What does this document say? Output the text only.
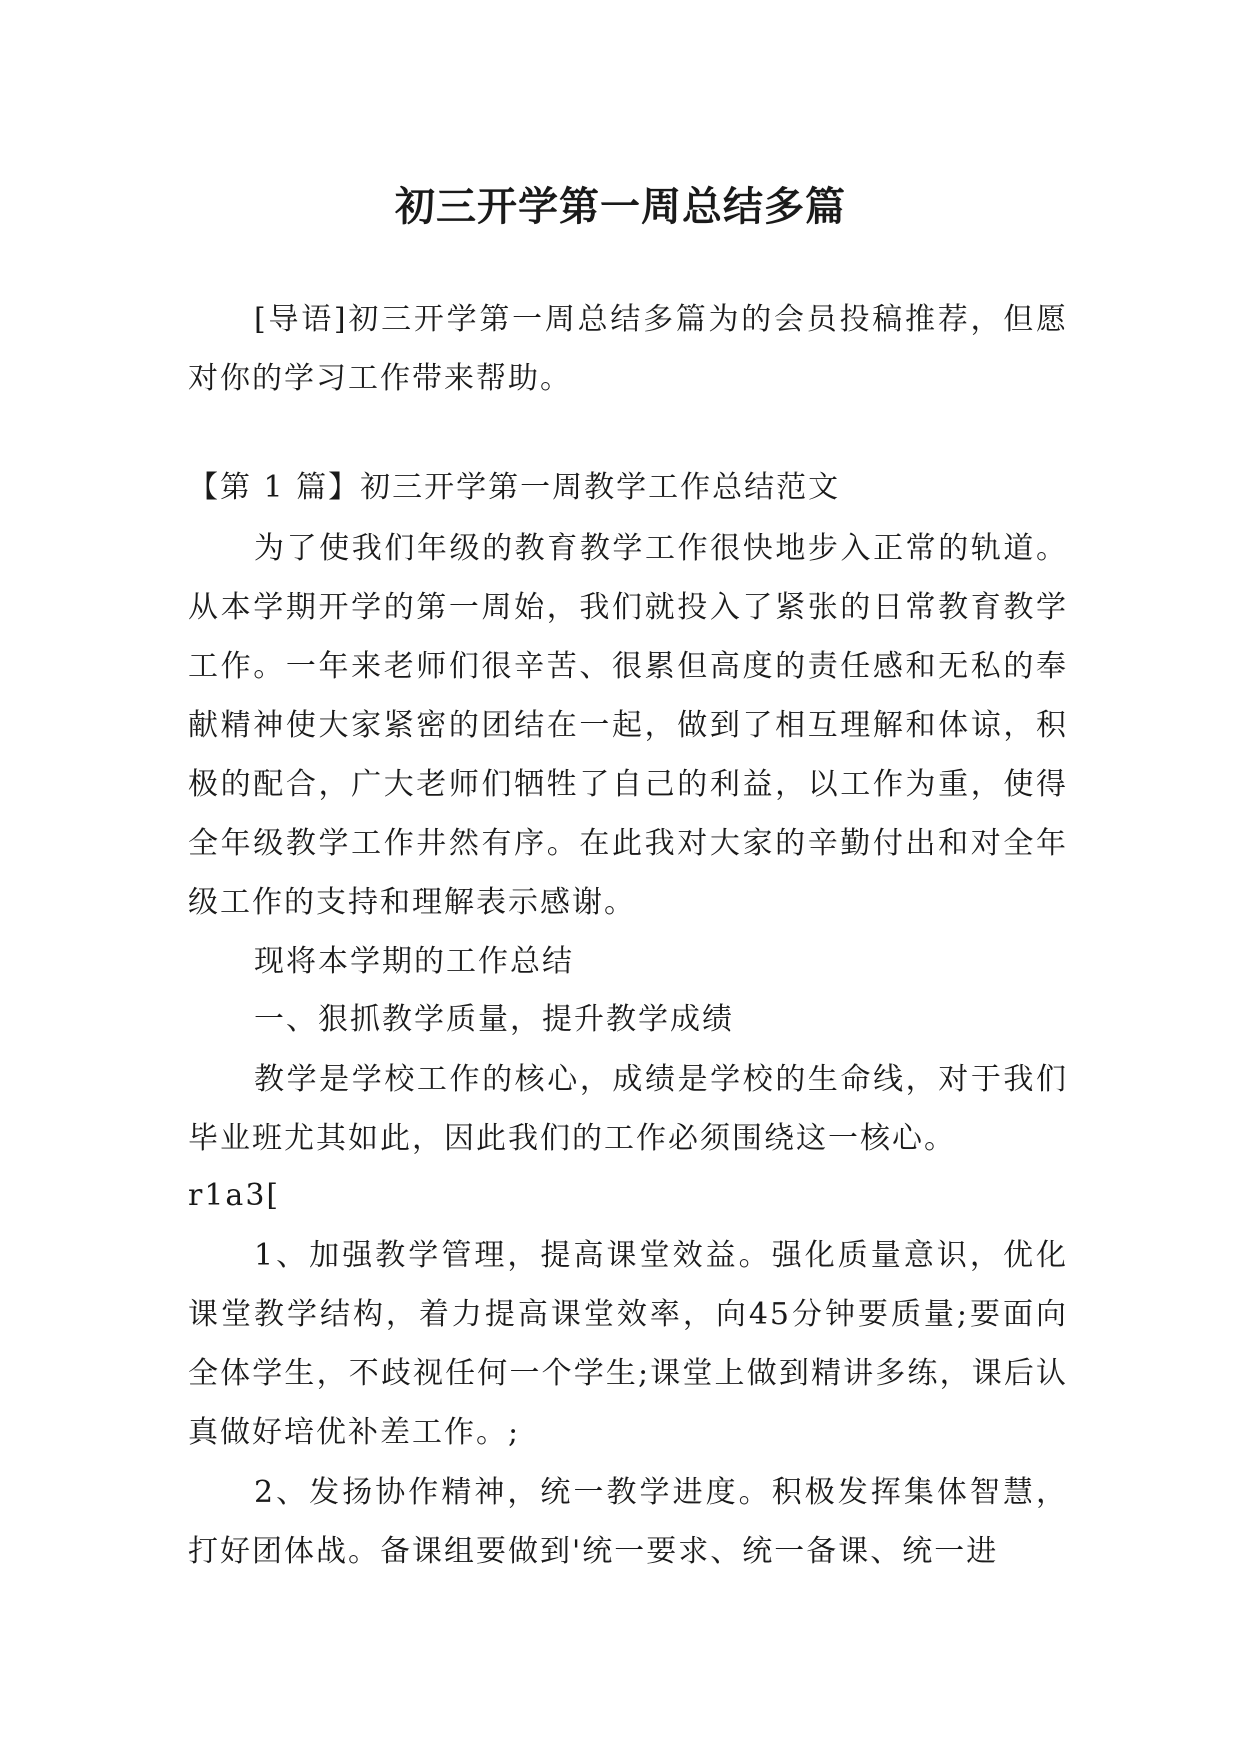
初三开学第一周总结多篇

[导语]初三开学第一周总结多篇为的会员投稿推荐，但愿对你的学习工作带来帮助。

【第 1 篇】初三开学第一周教学工作总结范文

为了使我们年级的教育教学工作很快地步入正常的轨道。从本学期开学的第一周始，我们就投入了紧张的日常教育教学工作。一年来老师们很辛苦、很累但高度的责任感和无私的奉献精神使大家紧密的团结在一起，做到了相互理解和体谅，积极的配合，广大老师们牺牲了自己的利益，以工作为重，使得全年级教学工作井然有序。在此我对大家的辛勤付出和对全年级工作的支持和理解表示感谢。

现将本学期的工作总结

一、狠抓教学质量，提升教学成绩

教学是学校工作的核心，成绩是学校的生命线，对于我们毕业班尤其如此，因此我们的工作必须围绕这一核心。

r1a3[

1、加强教学管理，提高课堂效益。强化质量意识，优化课堂教学结构，着力提高课堂效率，向45分钟要质量;要面向全体学生，不歧视任何一个学生;课堂上做到精讲多练，课后认真做好培优补差工作。;

2、发扬协作精神，统一教学进度。积极发挥集体智慧，打好团体战。备课组要做到'统一要求、统一备课、统一进
